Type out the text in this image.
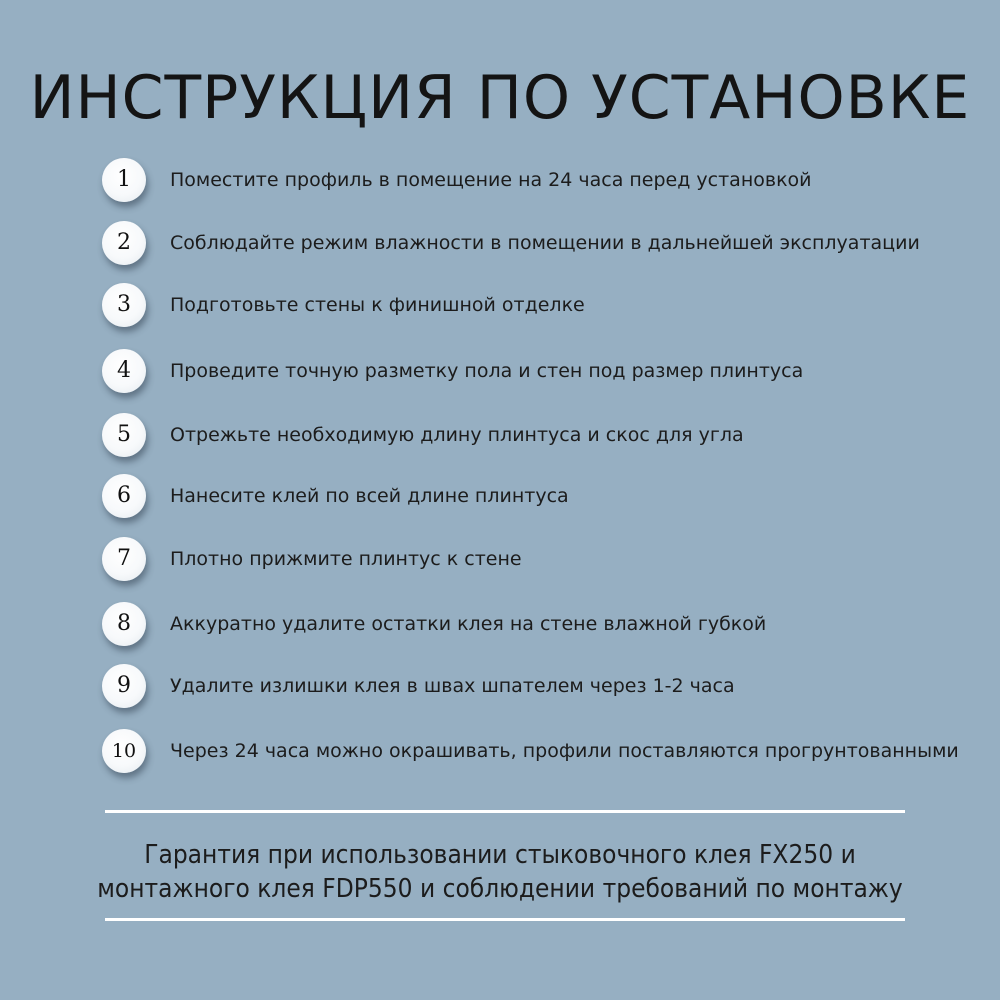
ИНСТРУКЦИЯ ПО УСТАНОВКЕ
1	Поместите профиль в помещение на 24 часа перед установкой
2	Соблюдайте режим влажности в помещении в дальнейшей эксплуатации
3	Подготовьте стены к финишной отделке
4	Проведите точную разметку пола и стен под размер плинтуса
5	Отрежьте необходимую длину плинтуса и скос для угла
6	Нанесите клей по всей длине плинтуса
7	Плотно прижмите плинтус к стене
8	Аккуратно удалите остатки клея на стене влажной губкой
9	Удалите излишки клея в швах шпателем через 1-2 часа
10	Через 24 часа можно окрашивать, профили поставляются прогрунтованными
Гарантия при использовании стыковочного клея FX250 и
монтажного клея FDP550 и соблюдении требований по монтажу
